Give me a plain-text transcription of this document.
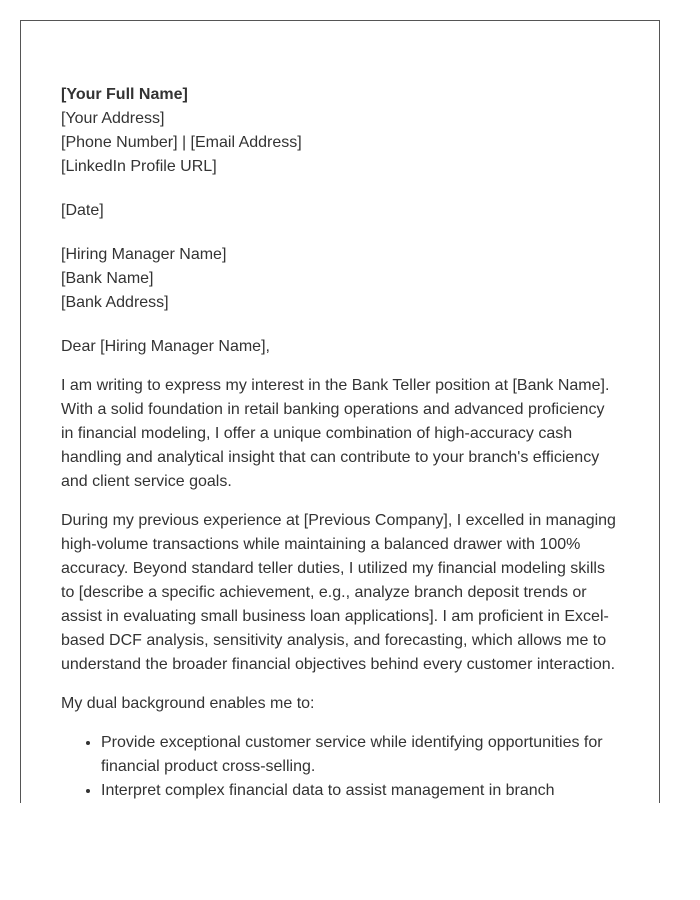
[Your Full Name]
[Your Address]
[Phone Number] | [Email Address]
[LinkedIn Profile URL]
[Date]
[Hiring Manager Name]
[Bank Name]
[Bank Address]
Dear [Hiring Manager Name],

I am writing to express my interest in the Bank Teller position at [Bank Name]. With a solid foundation in retail banking operations and advanced proficiency in financial modeling, I offer a unique combination of high-accuracy cash handling and analytical insight that can contribute to your branch's efficiency and client service goals.

During my previous experience at [Previous Company], I excelled in managing high-volume transactions while maintaining a balanced drawer with 100% accuracy. Beyond standard teller duties, I utilized my financial modeling skills to [describe a specific achievement, e.g., analyze branch deposit trends or assist in evaluating small business loan applications]. I am proficient in Excel-based DCF analysis, sensitivity analysis, and forecasting, which allows me to understand the broader financial objectives behind every customer interaction.

My dual background enables me to:

• Provide exceptional customer service while identifying opportunities for financial product cross-selling.
• Interpret complex financial data to assist management in branch
